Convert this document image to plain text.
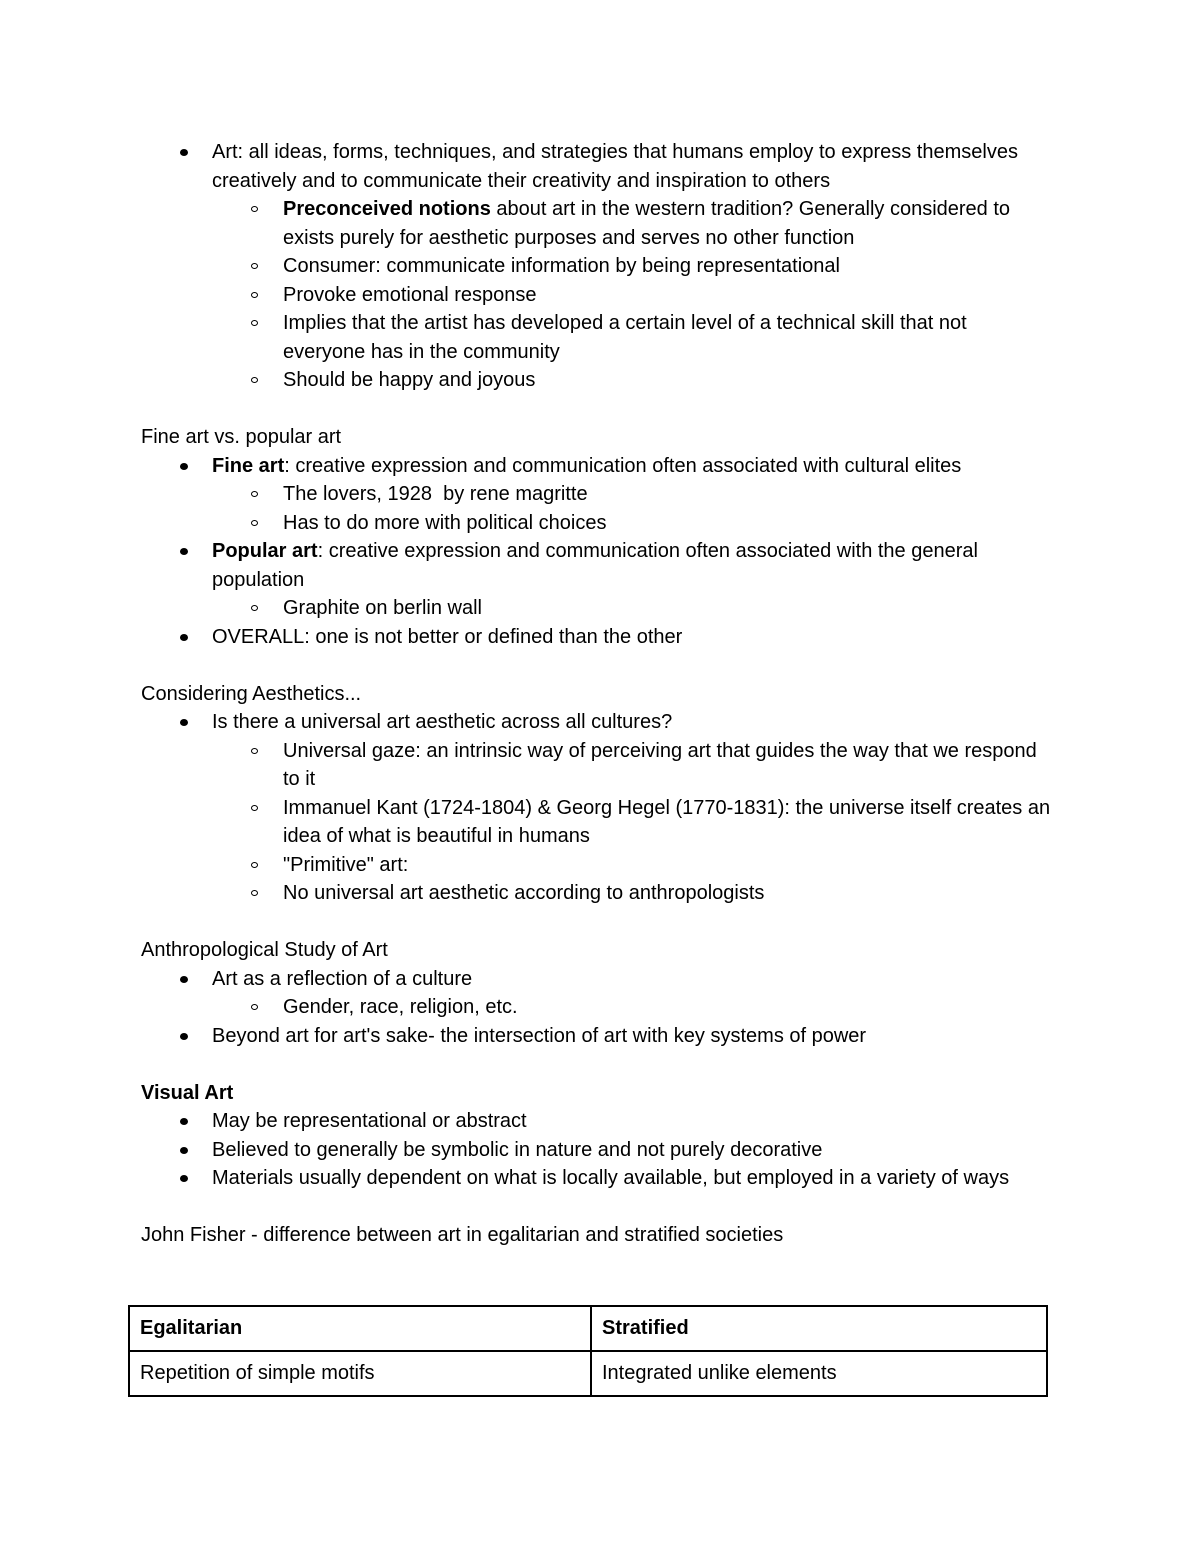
Art: all ideas, forms, techniques, and strategies that humans employ to express themselves creatively and to communicate their creativity and inspiration to others
Preconceived notions about art in the western tradition? Generally considered to exists purely for aesthetic purposes and serves no other function
Consumer: communicate information by being representational
Provoke emotional response
Implies that the artist has developed a certain level of a technical skill that not everyone has in the community
Should be happy and joyous

Fine art vs. popular art

Fine art: creative expression and communication often associated with cultural elites
The lovers, 1928  by rene magritte
Has to do more with political choices
Popular art: creative expression and communication often associated with the general population
Graphite on berlin wall
OVERALL: one is not better or defined than the other

Considering Aesthetics...

Is there a universal art aesthetic across all cultures?
Universal gaze: an intrinsic way of perceiving art that guides the way that we respond to it
Immanuel Kant (1724-1804) & Georg Hegel (1770-1831): the universe itself creates an idea of what is beautiful in humans
"Primitive" art:
No universal art aesthetic according to anthropologists

Anthropological Study of Art

Art as a reflection of a culture
Gender, race, religion, etc.
Beyond art for art's sake- the intersection of art with key systems of power

Visual Art

May be representational or abstract
Believed to generally be symbolic in nature and not purely decorative
Materials usually dependent on what is locally available, but employed in a variety of ways

John Fisher - difference between art in egalitarian and stratified societies

Egalitarian	Stratified
Repetition of simple motifs	Integrated unlike elements
